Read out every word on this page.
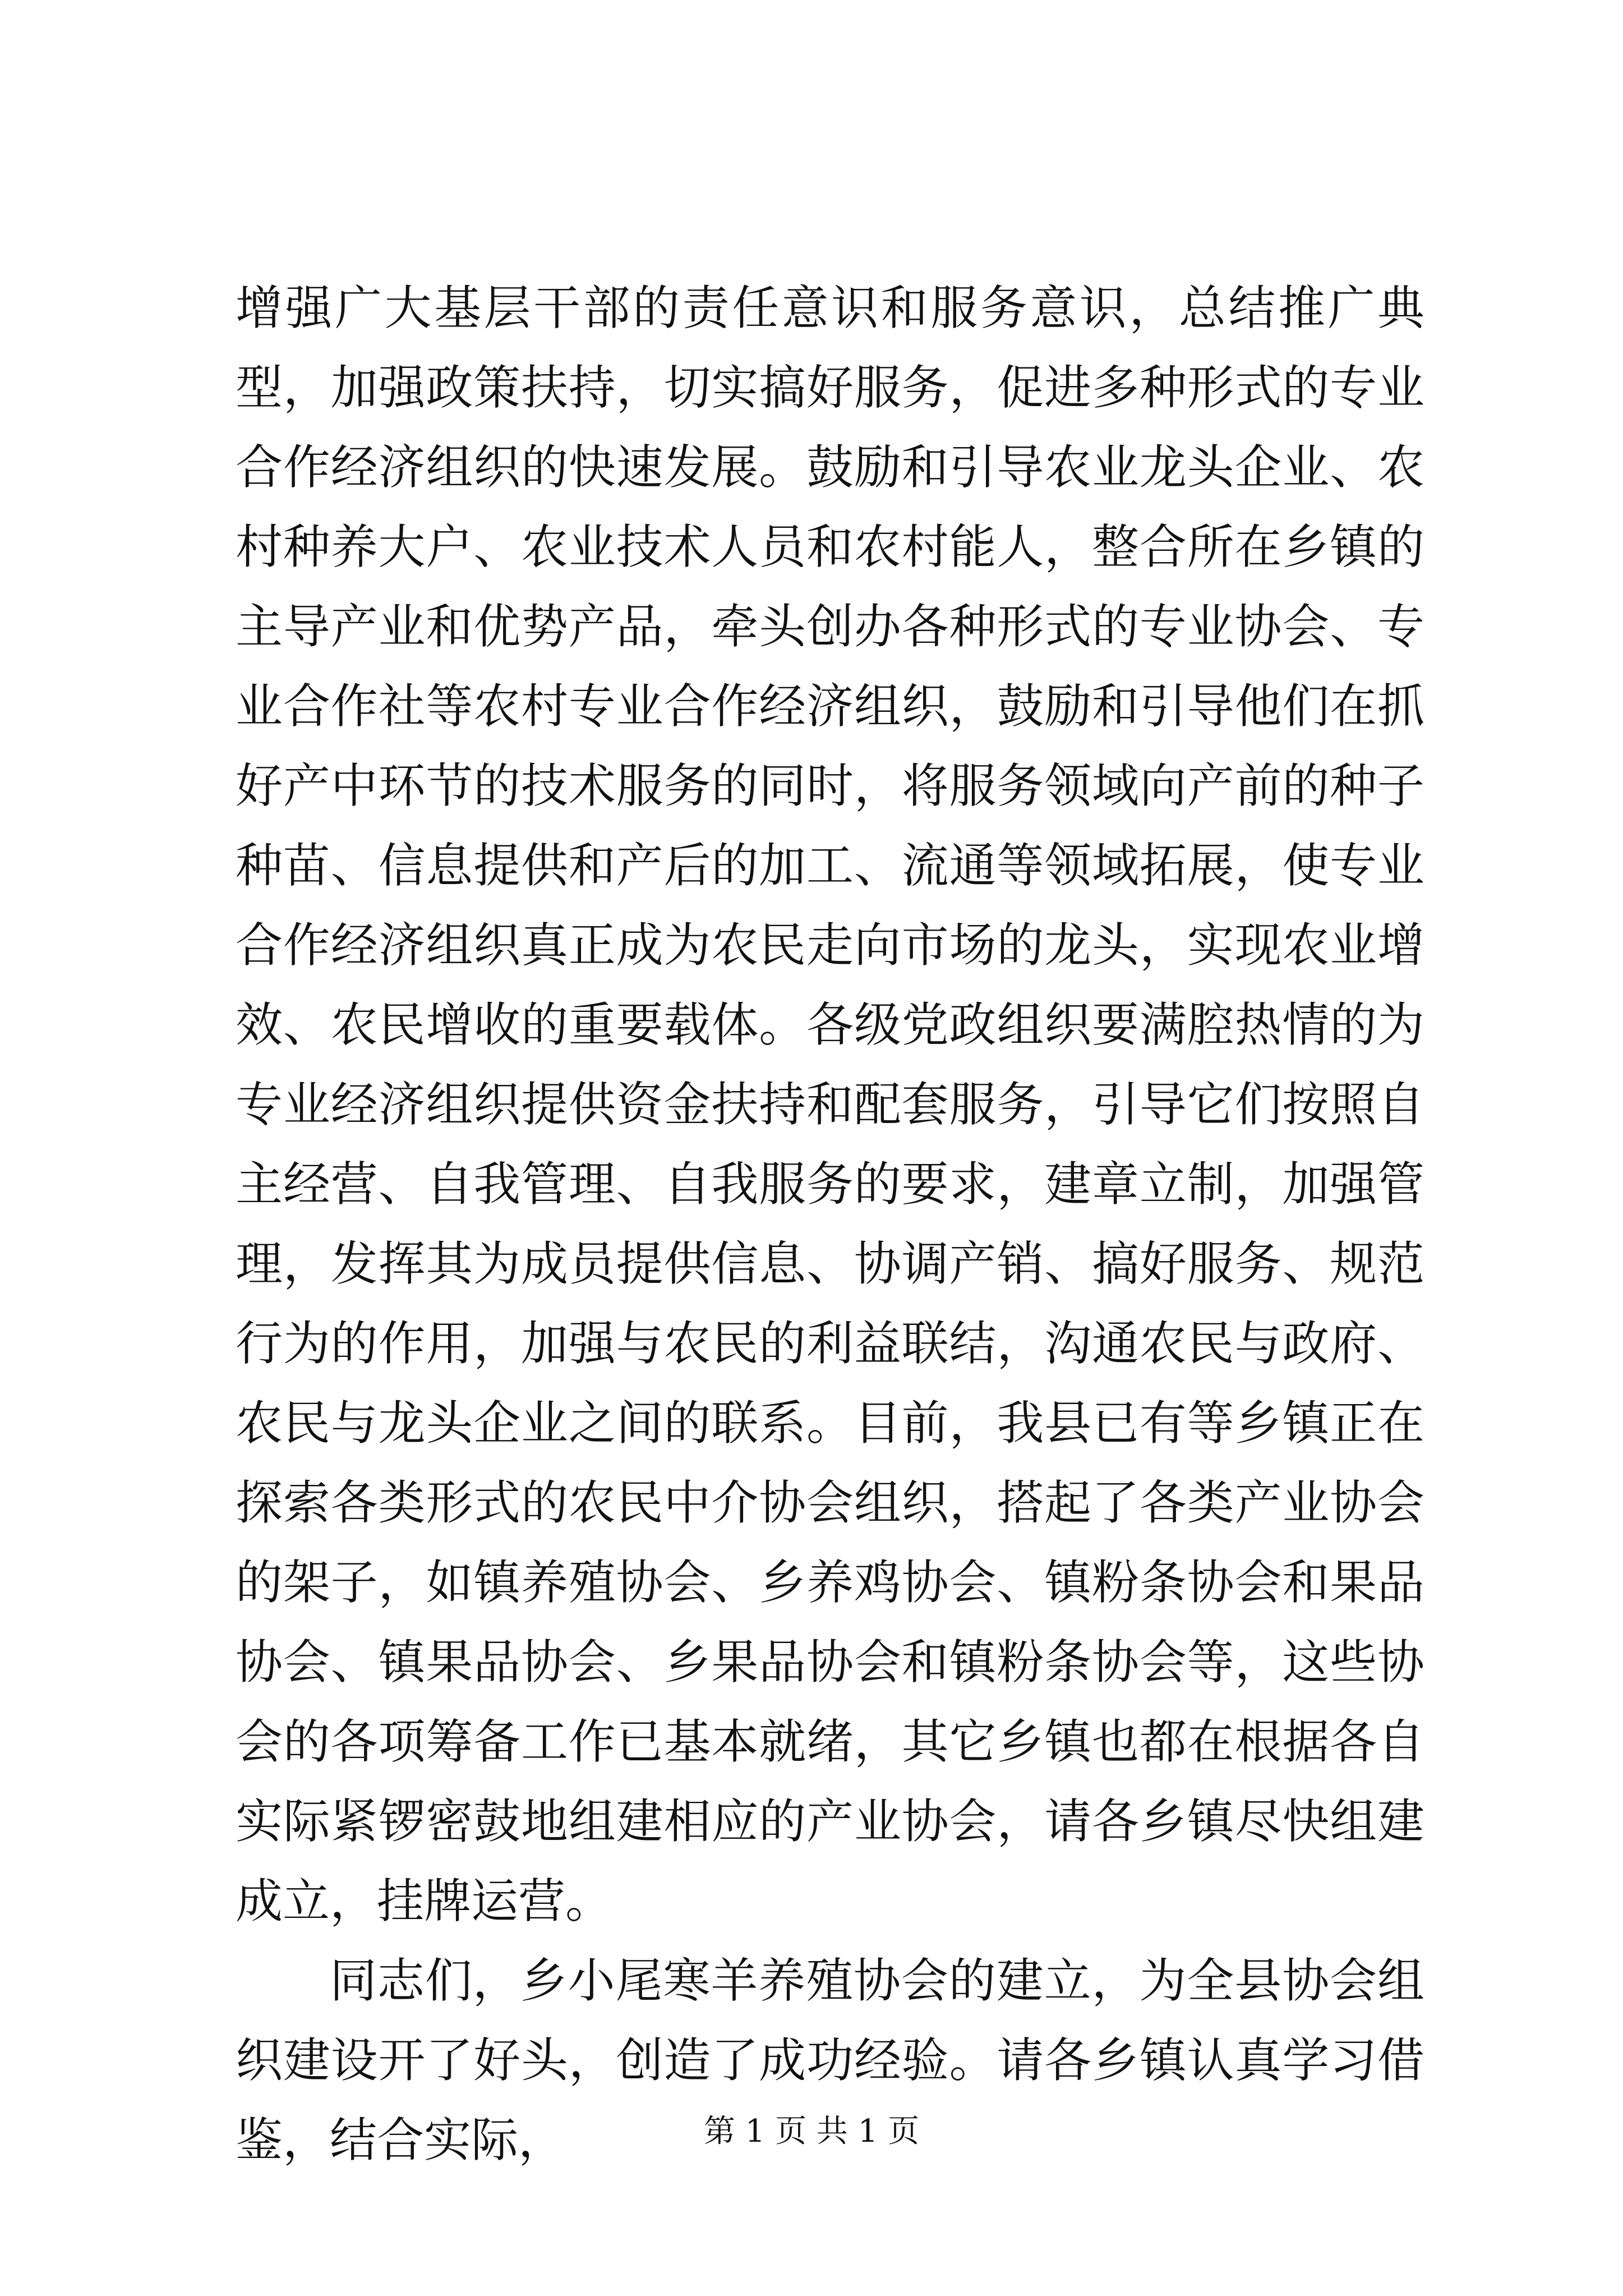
增强广大基层干部的责任意识和服务意识，总结推广典型，加强政策扶持，切实搞好服务，促进多种形式的专业合作经济组织的快速发展。鼓励和引导农业龙头企业、农村种养大户、农业技术人员和农村能人，整合所在乡镇的主导产业和优势产品，牵头创办各种形式的专业协会、专业合作社等农村专业合作经济组织，鼓励和引导他们在抓好产中环节的技术服务的同时，将服务领域向产前的种子种苗、信息提供和产后的加工、流通等领域拓展，使专业合作经济组织真正成为农民走向市场的龙头，实现农业增效、农民增收的重要载体。各级党政组织要满腔热情的为专业经济组织提供资金扶持和配套服务，引导它们按照自主经营、自我管理、自我服务的要求，建章立制，加强管理，发挥其为成员提供信息、协调产销、搞好服务、规范行为的作用，加强与农民的利益联结，沟通农民与政府、农民与龙头企业之间的联系。目前，我县已有等乡镇正在探索各类形式的农民中介协会组织，搭起了各类产业协会的架子，如镇养殖协会、乡养鸡协会、镇粉条协会和果品协会、镇果品协会、乡果品协会和镇粉条协会等，这些协会的各项筹备工作已基本就绪，其它乡镇也都在根据各自实际紧锣密鼓地组建相应的产业协会，请各乡镇尽快组建成立，挂牌运营。

同志们，乡小尾寒羊养殖协会的建立，为全县协会组织建设开了好头，创造了成功经验。请各乡镇认真学习借鉴，结合实际，	第 1 页 共 1 页
